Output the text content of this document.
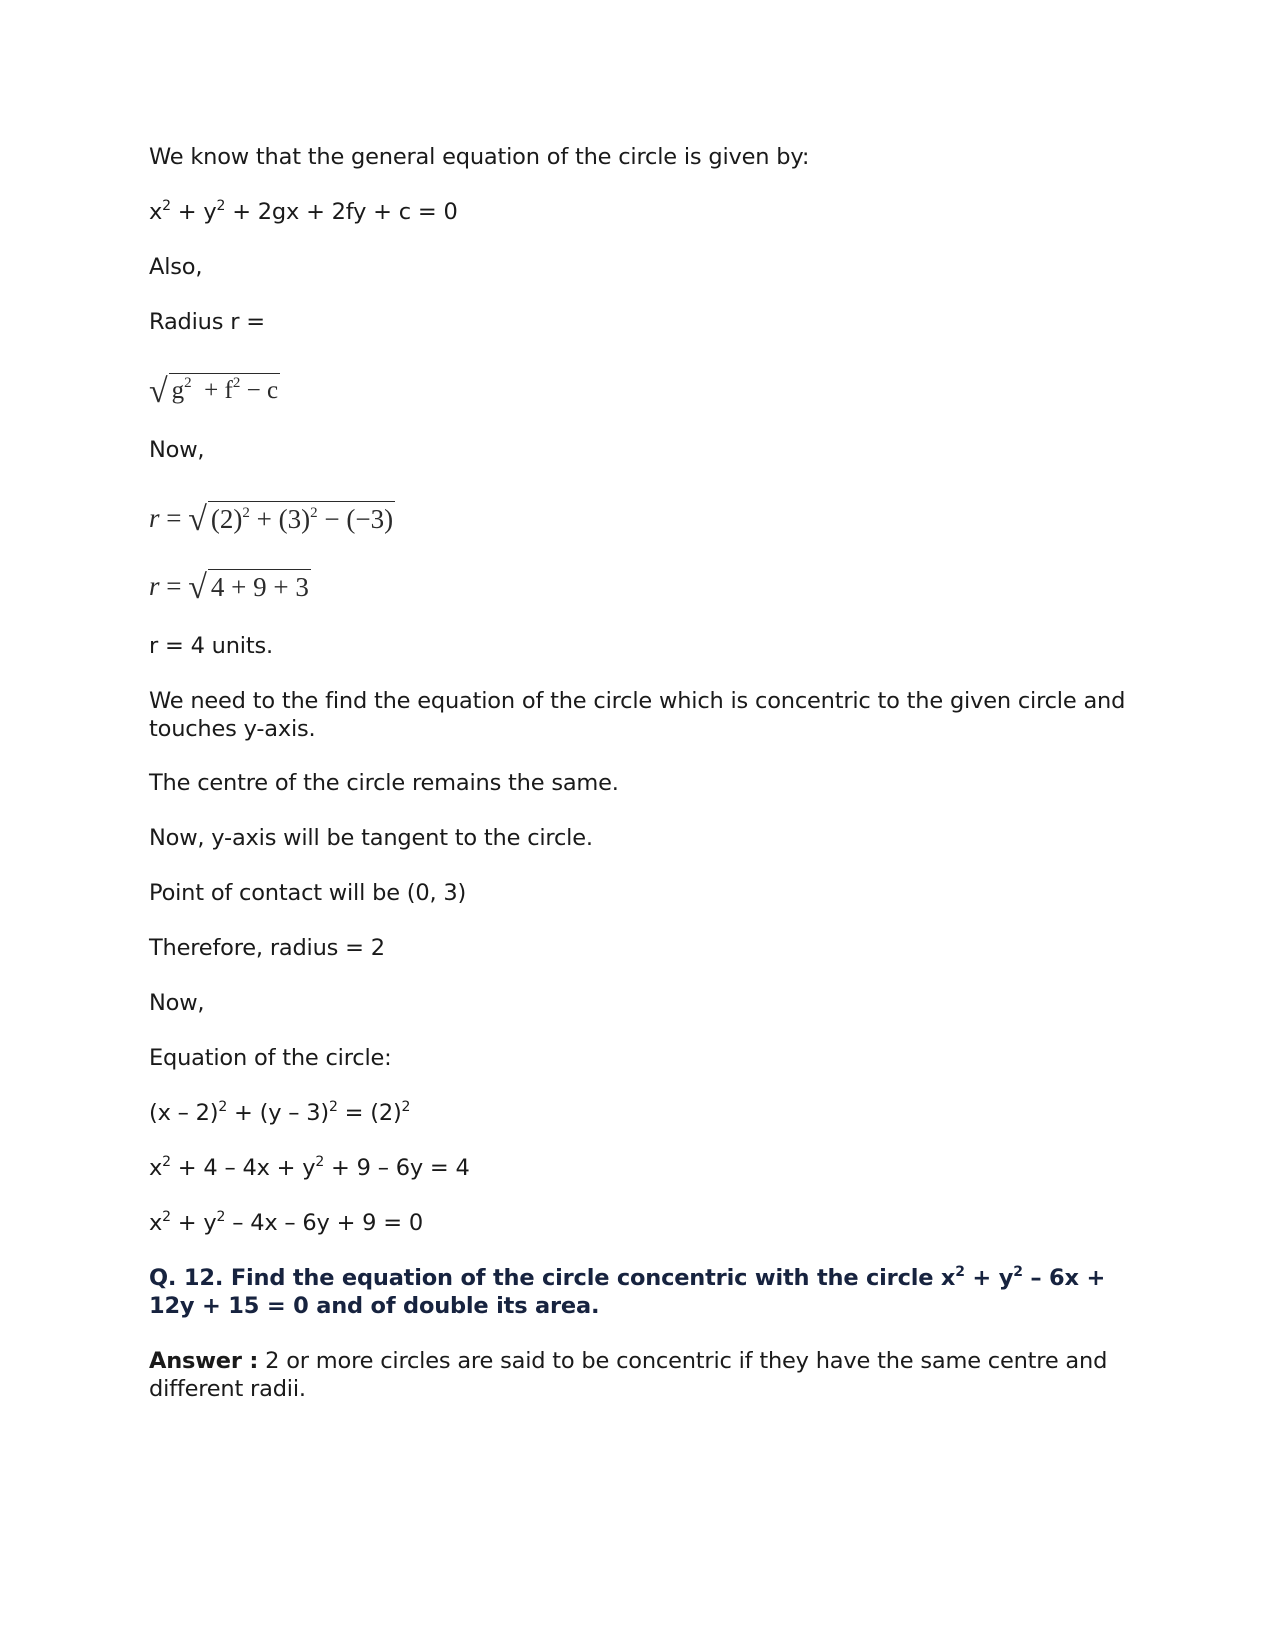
We know that the general equation of the circle is given by:
$x^2 + y^2 + 2gx + 2fy + c = 0$
Also,
Radius r =
√ $g^2 + f^2 - c$
Now,
r = √ $(2)^2 + (3)^2 - (-3)$
r = √ 4 + 9 + 3
r = 4 units.
We need to the find the equation of the circle which is concentric to the given circle and touches y-axis.
The centre of the circle remains the same.
Now, y-axis will be tangent to the circle.
Point of contact will be (0, 3)
Therefore, radius = 2
Now,
Equation of the circle:
$(x - 2)^2 + (y - 3)^2 = (2)^2$
$x^2 + 4 - 4x + y^2 + 9 - 6y = 4$
$x^2 + y^2 - 4x - 6y + 9 = 0$
Q. 12. Find the equation of the circle concentric with the circle $x^2 + y^2 - 6x + 12y + 15 = 0$ and of double its area.
Answer : 2 or more circles are said to be concentric if they have the same centre and different radii.
